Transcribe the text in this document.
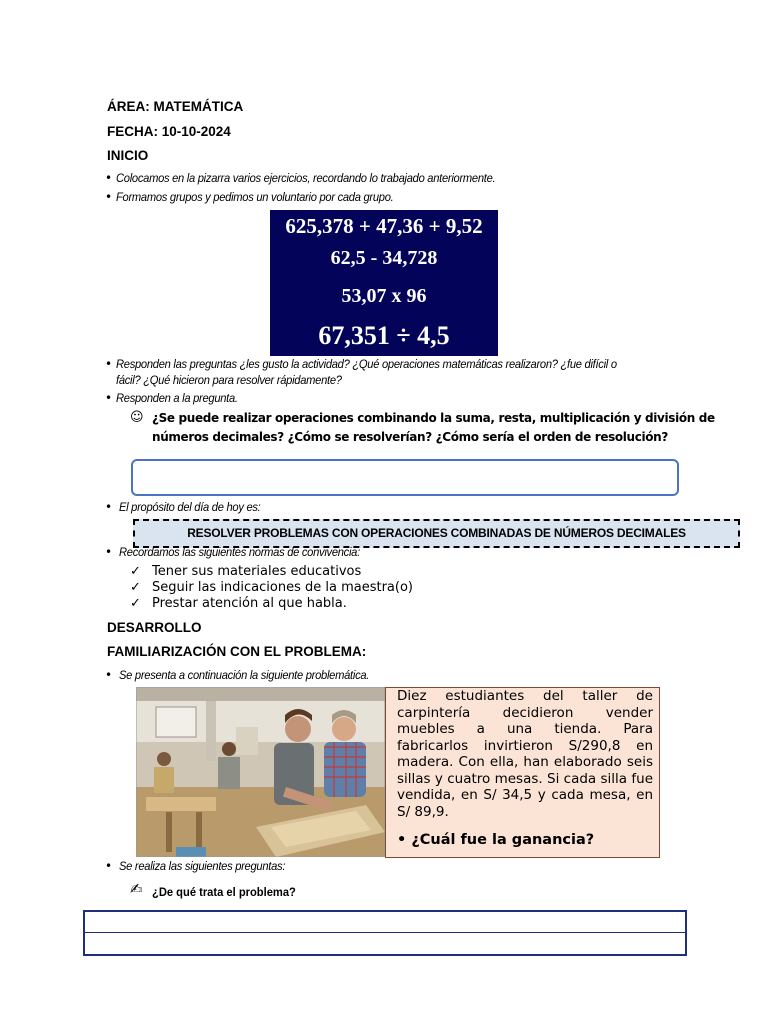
ÁREA: MATEMÁTICA
FECHA: 10-10-2024
INICIO
• Colocamos en la pizarra varios ejercicios, recordando lo trabajado anteriormente.
• Formamos grupos y pedimos un voluntario por cada grupo.
625,378 + 47,36 + 9,52
62,5 - 34,728
53,07 x 96
67,351 ÷ 4,5
• Responden las preguntas ¿les gusto la actividad? ¿Qué operaciones matemáticas realizaron? ¿fue difícil o
fácil? ¿Qué hicieron para resolver rápidamente?
• Responden a la pregunta.
☺ ¿Se puede realizar operaciones combinando la suma, resta, multiplicación y división de
números decimales? ¿Cómo se resolverían? ¿Cómo sería el orden de resolución?
• El propósito del día de hoy es:
RESOLVER PROBLEMAS CON OPERACIONES COMBINADAS DE NÚMEROS DECIMALES
• Recordamos las siguientes normas de convivencia:
✓ Tener sus materiales educativos
✓ Seguir las indicaciones de la maestra(o)
✓ Prestar atención al que habla.
DESARROLLO
FAMILIARIZACIÓN CON EL PROBLEMA:
• Se presenta a continuación la siguiente problemática.
Diez estudiantes del taller de carpintería decidieron vender muebles a una tienda. Para fabricarlos invirtieron S/290,8 en madera. Con ella, han elaborado seis sillas y cuatro mesas. Si cada silla fue vendida, en S/ 34,5 y cada mesa, en S/ 89,9.
• ¿Cuál fue la ganancia?
• Se realiza las siguientes preguntas:
✍ ¿De qué trata el problema?
